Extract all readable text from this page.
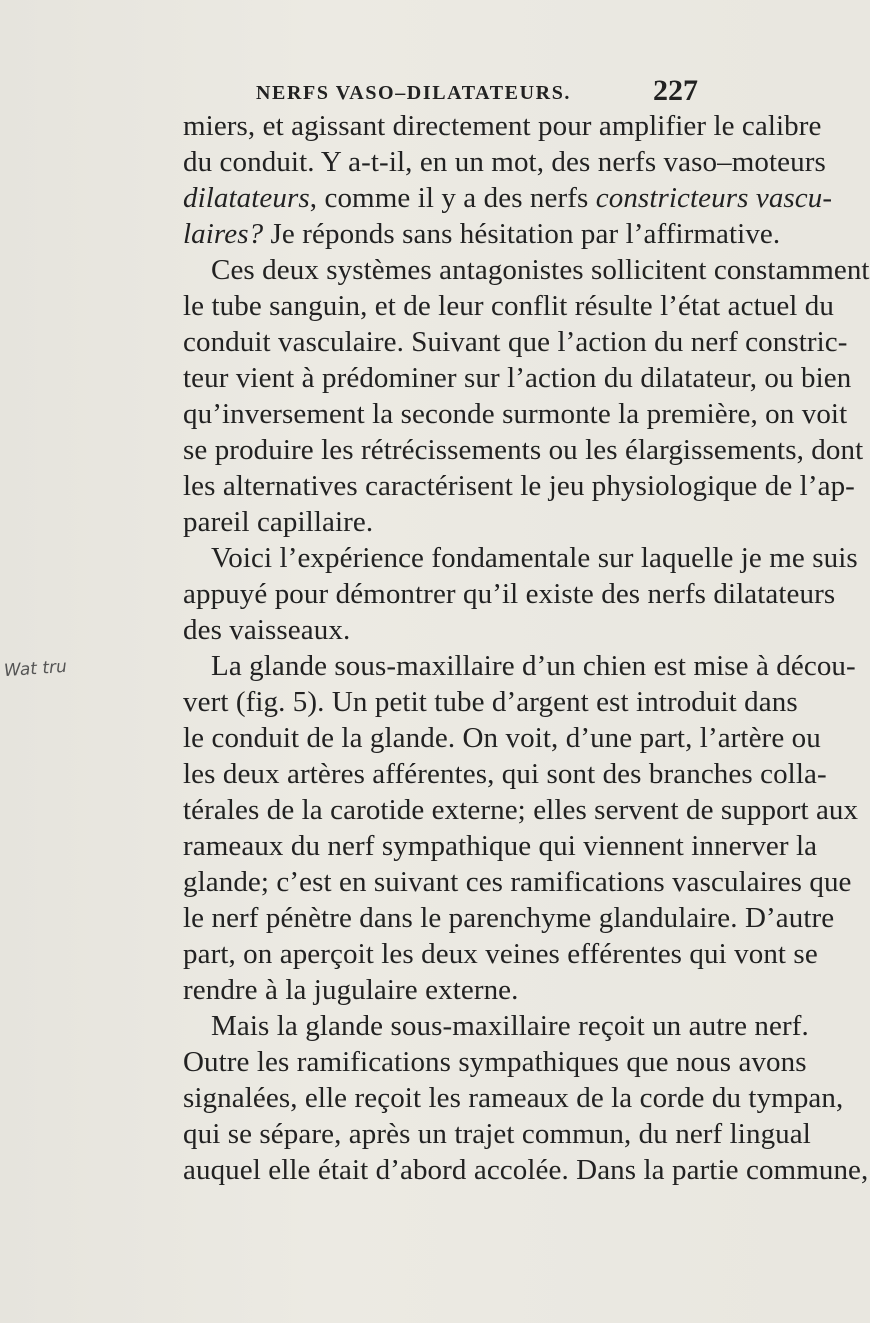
NERFS VASO–DILATATEURS.	227
Wat tru
miers, et agissant directement pour amplifier le calibre
du conduit. Y a-t-il, en un mot, des nerfs vaso–moteurs
dilatateurs, comme il y a des nerfs constricteurs vascu-
laires? Je réponds sans hésitation par l’affirmative.
Ces deux systèmes antagonistes sollicitent constamment
le tube sanguin, et de leur conflit résulte l’état actuel du
conduit vasculaire. Suivant que l’action du nerf constric-
teur vient à prédominer sur l’action du dilatateur, ou bien
qu’inversement la seconde surmonte la première, on voit
se produire les rétrécissements ou les élargissements, dont
les alternatives caractérisent le jeu physiologique de l’ap-
pareil capillaire.
Voici l’expérience fondamentale sur laquelle je me suis
appuyé pour démontrer qu’il existe des nerfs dilatateurs
des vaisseaux.
La glande sous-maxillaire d’un chien est mise à décou-
vert (fig. 5). Un petit tube d’argent est introduit dans
le conduit de la glande. On voit, d’une part, l’artère ou
les deux artères afférentes, qui sont des branches colla-
térales de la carotide externe; elles servent de support aux
rameaux du nerf sympathique qui viennent innerver la
glande; c’est en suivant ces ramifications vasculaires que
le nerf pénètre dans le parenchyme glandulaire. D’autre
part, on aperçoit les deux veines efférentes qui vont se
rendre à la jugulaire externe.
Mais la glande sous-maxillaire reçoit un autre nerf.
Outre les ramifications sympathiques que nous avons
signalées, elle reçoit les rameaux de la corde du tympan,
qui se sépare, après un trajet commun, du nerf lingual
auquel elle était d’abord accolée. Dans la partie commune,
